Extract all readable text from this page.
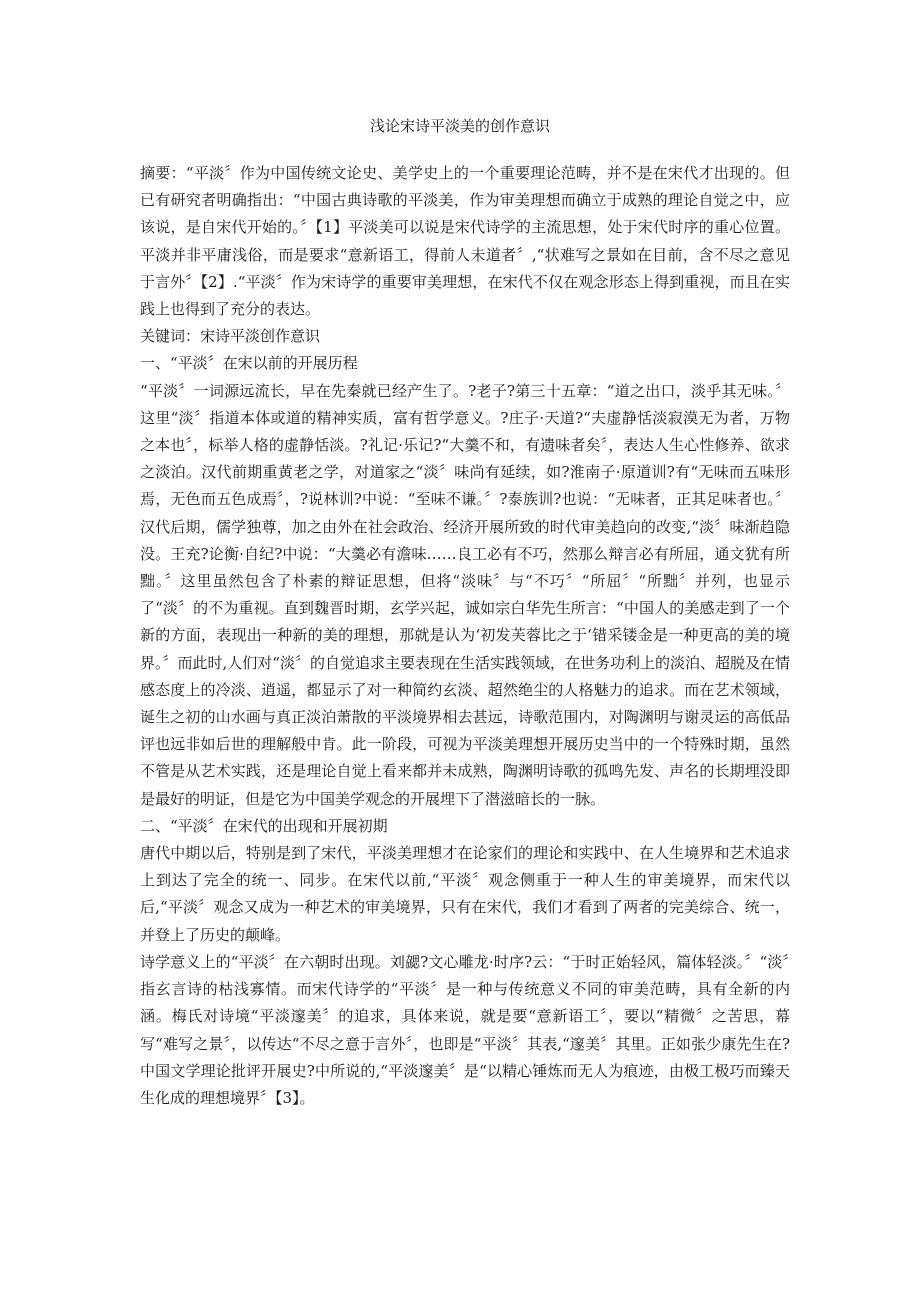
浅论宋诗平淡美的创作意识

摘要：“平淡〞作为中国传统文论史、美学史上的一个重要理论范畴，并不是在宋代才出现的。但已有研究者明确指出：“中国古典诗歌的平淡美，作为审美理想而确立于成熟的理论自觉之中，应该说，是自宋代开始的。〞【1】平淡美可以说是宋代诗学的主流思想，处于宋代时序的重心位置。平淡并非平庸浅俗，而是要求“意新语工，得前人未道者〞,“状难写之景如在目前，含不尽之意见于言外〞【2】.“平淡〞作为宋诗学的重要审美理想，在宋代不仅在观念形态上得到重视，而且在实践上也得到了充分的表达。

关键词：宋诗平淡创作意识

一、“平淡〞在宋以前的开展历程

“平淡〞一词源远流长，早在先秦就已经产生了。?老子?第三十五章：“道之出口，淡乎其无味。〞这里“淡〞指道本体或道的精神实质，富有哲学意义。?庄子·天道?“夫虚静恬淡寂漠无为者，万物之本也〞，标举人格的虚静恬淡。?礼记·乐记?“大羹不和，有遗味者矣〞，表达人生心性修养、欲求之淡泊。汉代前期重黄老之学，对道家之“淡〞味尚有延续，如?淮南子·原道训?有“无味而五味形焉，无色而五色成焉〞，?说林训?中说：“至味不谦。〞?泰族训?也说：“无味者，正其足味者也。〞汉代后期，儒学独尊，加之由外在社会政治、经济开展所致的时代审美趋向的改变,“淡〞味渐趋隐没。王充?论衡·自纪?中说：“大羹必有澹味……良工必有不巧，然那么辩言必有所屈，通文犹有所黜。〞这里虽然包含了朴素的辩证思想，但将“淡味〞与“不巧〞“所屈〞“所黜〞并列，也显示了“淡〞的不为重视。直到魏晋时期，玄学兴起，诚如宗白华先生所言：“中国人的美感走到了一个新的方面，表现出一种新的美的理想，那就是认为‘初发芙蓉比之于‘错采镂金是一种更高的美的境界。〞而此时,人们对“淡〞的自觉追求主要表现在生活实践领域，在世务功利上的淡泊、超脱及在情感态度上的冷淡、逍遥，都显示了对一种简约玄淡、超然绝尘的人格魅力的追求。而在艺术领域，诞生之初的山水画与真正淡泊萧散的平淡境界相去甚远，诗歌范围内，对陶渊明与谢灵运的高低品评也远非如后世的理解般中肯。此一阶段，可视为平淡美理想开展历史当中的一个特殊时期，虽然不管是从艺术实践，还是理论自觉上看来都并未成熟，陶渊明诗歌的孤鸣先发、声名的长期埋没即是最好的明证，但是它为中国美学观念的开展埋下了潜滋暗长的一脉。

二、“平淡〞在宋代的出现和开展初期

唐代中期以后，特别是到了宋代，平淡美理想才在论家们的理论和实践中、在人生境界和艺术追求上到达了完全的统一、同步。在宋代以前,“平淡〞观念侧重于一种人生的审美境界，而宋代以后,“平淡〞观念又成为一种艺术的审美境界，只有在宋代，我们才看到了两者的完美综合、统一，并登上了历史的颠峰。

诗学意义上的“平淡〞在六朝时出现。刘勰?文心雕龙·时序?云：“于时正始轻风，篇体轻淡。〞“淡〞指玄言诗的枯浅寡情。而宋代诗学的“平淡〞是一种与传统意义不同的审美范畴，具有全新的内涵。梅氏对诗境“平淡邃美〞的追求，具体来说，就是要“意新语工〞，要以“精微〞之苦思，幕写“难写之景〞，以传达“不尽之意于言外〞，也即是“平淡〞其表,“邃美〞其里。正如张少康先生在?中国文学理论批评开展史?中所说的,“平淡邃美〞是“以精心锤炼而无人为痕迹，由极工极巧而臻天生化成的理想境界〞【3】。
